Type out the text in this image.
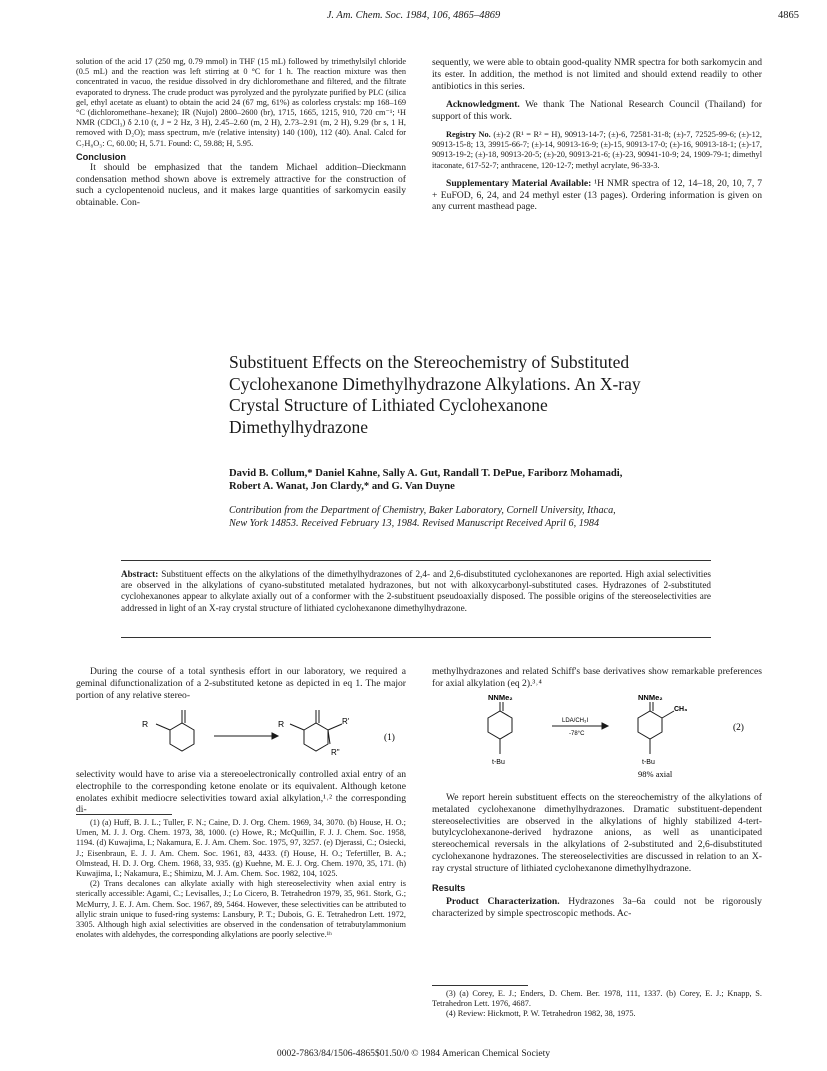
J. Am. Chem. Soc. 1984, 106, 4865–4869	4865

solution of the acid 17 (250 mg, 0.79 mmol) in THF (15 mL) followed by trimethylsilyl chloride (0.5 mL) and the reaction was left stirring at 0 °C for 1 h. The reaction mixture was then concentrated in vacuo, the residue dissolved in dry dichloromethane and filtered, and the filtrate evaporated to dryness. The crude product was pyrolyzed and the pyrolyzate purified by PLC (silica gel, ethyl acetate as eluant) to obtain the acid 24 (67 mg, 61%) as colorless crystals: mp 168–169 °C (dichloromethane–hexane); IR (Nujol) 2800–2600 (br), 1715, 1665, 1215, 910, 720 cm⁻¹; ¹H NMR (CDCl₃) δ 2.10 (t, J = 2 Hz, 3 H), 2.45–2.60 (m, 2 H), 2.73–2.91 (m, 2 H), 9.29 (br s, 1 H, removed with D₂O); mass spectrum, m/e (relative intensity) 140 (100), 112 (40). Anal. Calcd for C₇H₈O₃: C, 60.00; H, 5.71. Found: C, 59.88; H, 5.95.

Conclusion

It should be emphasized that the tandem Michael addition–Dieckmann condensation method shown above is extremely attractive for the construction of such a cyclopentenoid nucleus, and it makes large quantities of sarkomycin easily obtainable. Con-

sequently, we were able to obtain good-quality NMR spectra for both sarkomycin and its ester. In addition, the method is not limited and should extend readily to other antibiotics in this series.

Acknowledgment. We thank The National Research Council (Thailand) for support of this work.

Registry No. (±)-2 (R¹ = R² = H), 90913-14-7; (±)-6, 72581-31-8; (±)-7, 72525-99-6; (±)-12, 90913-15-8; 13, 39915-66-7; (±)-14, 90913-16-9; (±)-15, 90913-17-0; (±)-16, 90913-18-1; (±)-17, 90913-19-2; (±)-18, 90913-20-5; (±)-20, 90913-21-6; (±)-23, 90941-10-9; 24, 1909-79-1; dimethyl itaconate, 617-52-7; anthracene, 120-12-7; methyl acrylate, 96-33-3.

Supplementary Material Available: ¹H NMR spectra of 12, 14–18, 20, 10, 7, 7 + EuFOD, 6, 24, and 24 methyl ester (13 pages). Ordering information is given on any current masthead page.

Substituent Effects on the Stereochemistry of Substituted
Cyclohexanone Dimethylhydrazone Alkylations. An X-ray
Crystal Structure of Lithiated Cyclohexanone
Dimethylhydrazone
David B. Collum,* Daniel Kahne, Sally A. Gut, Randall T. DePue, Fariborz Mohamadi,
Robert A. Wanat, Jon Clardy,* and G. Van Duyne
Contribution from the Department of Chemistry, Baker Laboratory, Cornell University, Ithaca,
New York 14853. Received February 13, 1984. Revised Manuscript Received April 6, 1984
Abstract: Substituent effects on the alkylations of the dimethylhydrazones of 2,4- and 2,6-disubstituted cyclohexanones are reported. High axial selectivities are observed in the alkylations of cyano-substituted metalated hydrazones, but not with alkoxycarbonyl-substituted cases. Hydrazones of 2-substituted cyclohexanones appear to alkylate axially out of a conformer with the 2-substituent pseudoaxially disposed. The possible origins of the stereoselectivities are addressed in light of an X-ray crystal structure of lithiated cyclohexanone dimethylhydrazone.

During the course of a total synthesis effort in our laboratory, we required a geminal difunctionalization of a 2-substituted ketone as depicted in eq 1. The major portion of any relative stereo-

R	R	R'
R"
(1)

selectivity would have to arise via a stereoelectronically controlled axial entry of an electrophile to the corresponding ketone enolate or its equivalent. Although ketone enolates exhibit mediocre selectivities toward axial alkylation,¹˒² the corresponding di-

(1) (a) Huff, B. J. L.; Tuller, F. N.; Caine, D. J. Org. Chem. 1969, 34, 3070. (b) House, H. O.; Umen, M. J. J. Org. Chem. 1973, 38, 1000. (c) Howe, R.; McQuillin, F. J. J. Chem. Soc. 1958, 1194. (d) Kuwajima, I.; Nakamura, E. J. Am. Chem. Soc. 1975, 97, 3257. (e) Djerassi, C.; Osiecki, J.; Eisenbraun, E. J. J. Am. Chem. Soc. 1961, 83, 4433. (f) House, H. O.; Tefertiller, B. A.; Olmstead, H. D. J. Org. Chem. 1968, 33, 935. (g) Kuehne, M. E. J. Org. Chem. 1970, 35, 171. (h) Kuwajima, I.; Nakamura, E.; Shimizu, M. J. Am. Chem. Soc. 1982, 104, 1025.

(2) Trans decalones can alkylate axially with high stereoselectivity when axial entry is sterically accessible: Agami, C.; Levisalles, J.; Lo Cicero, B. Tetrahedron 1979, 35, 961. Stork, G.; McMurry, J. E. J. Am. Chem. Soc. 1967, 89, 5464. However, these selectivities can be attributed to allylic strain unique to fused-ring systems: Lansbury, P. T.; Dubois, G. E. Tetrahedron Lett. 1972, 3305. Although high axial selectivities are observed in the condensation of tetrabutylammonium enolates with aldehydes, the corresponding alkylations are poorly selective.¹ʰ

methylhydrazones and related Schiff's base derivatives show remarkable preferences for axial alkylation (eq 2).³˒⁴

NNMe₂
t-Bu
LDA/CH₃I
-78°C
NNMe₂
CH₃
t-Bu
98% axial
(2)

We report herein substituent effects on the stereochemistry of the alkylations of metalated cyclohexanone dimethylhydrazones. Dramatic substituent-dependent stereoselectivities are observed in the alkylations of highly stabilized 4-tert-butylcyclohexanone-derived hydrazone anions, as well as unanticipated stereochemical reversals in the alkylations of 2-substituted and 2,6-disubstituted cyclohexanone hydrazones. The stereoselectivities are discussed in relation to an X-ray crystal structure of lithiated cyclohexanone dimethylhydrazone.

Results

Product Characterization. Hydrazones 3a–6a could not be rigorously characterized by simple spectroscopic methods. Ac-

(3) (a) Corey, E. J.; Enders, D. Chem. Ber. 1978, 111, 1337. (b) Corey, E. J.; Knapp, S. Tetrahedron Lett. 1976, 4687.

(4) Review: Hickmott, P. W. Tetrahedron 1982, 38, 1975.

0002-7863/84/1506-4865$01.50/0 © 1984 American Chemical Society
